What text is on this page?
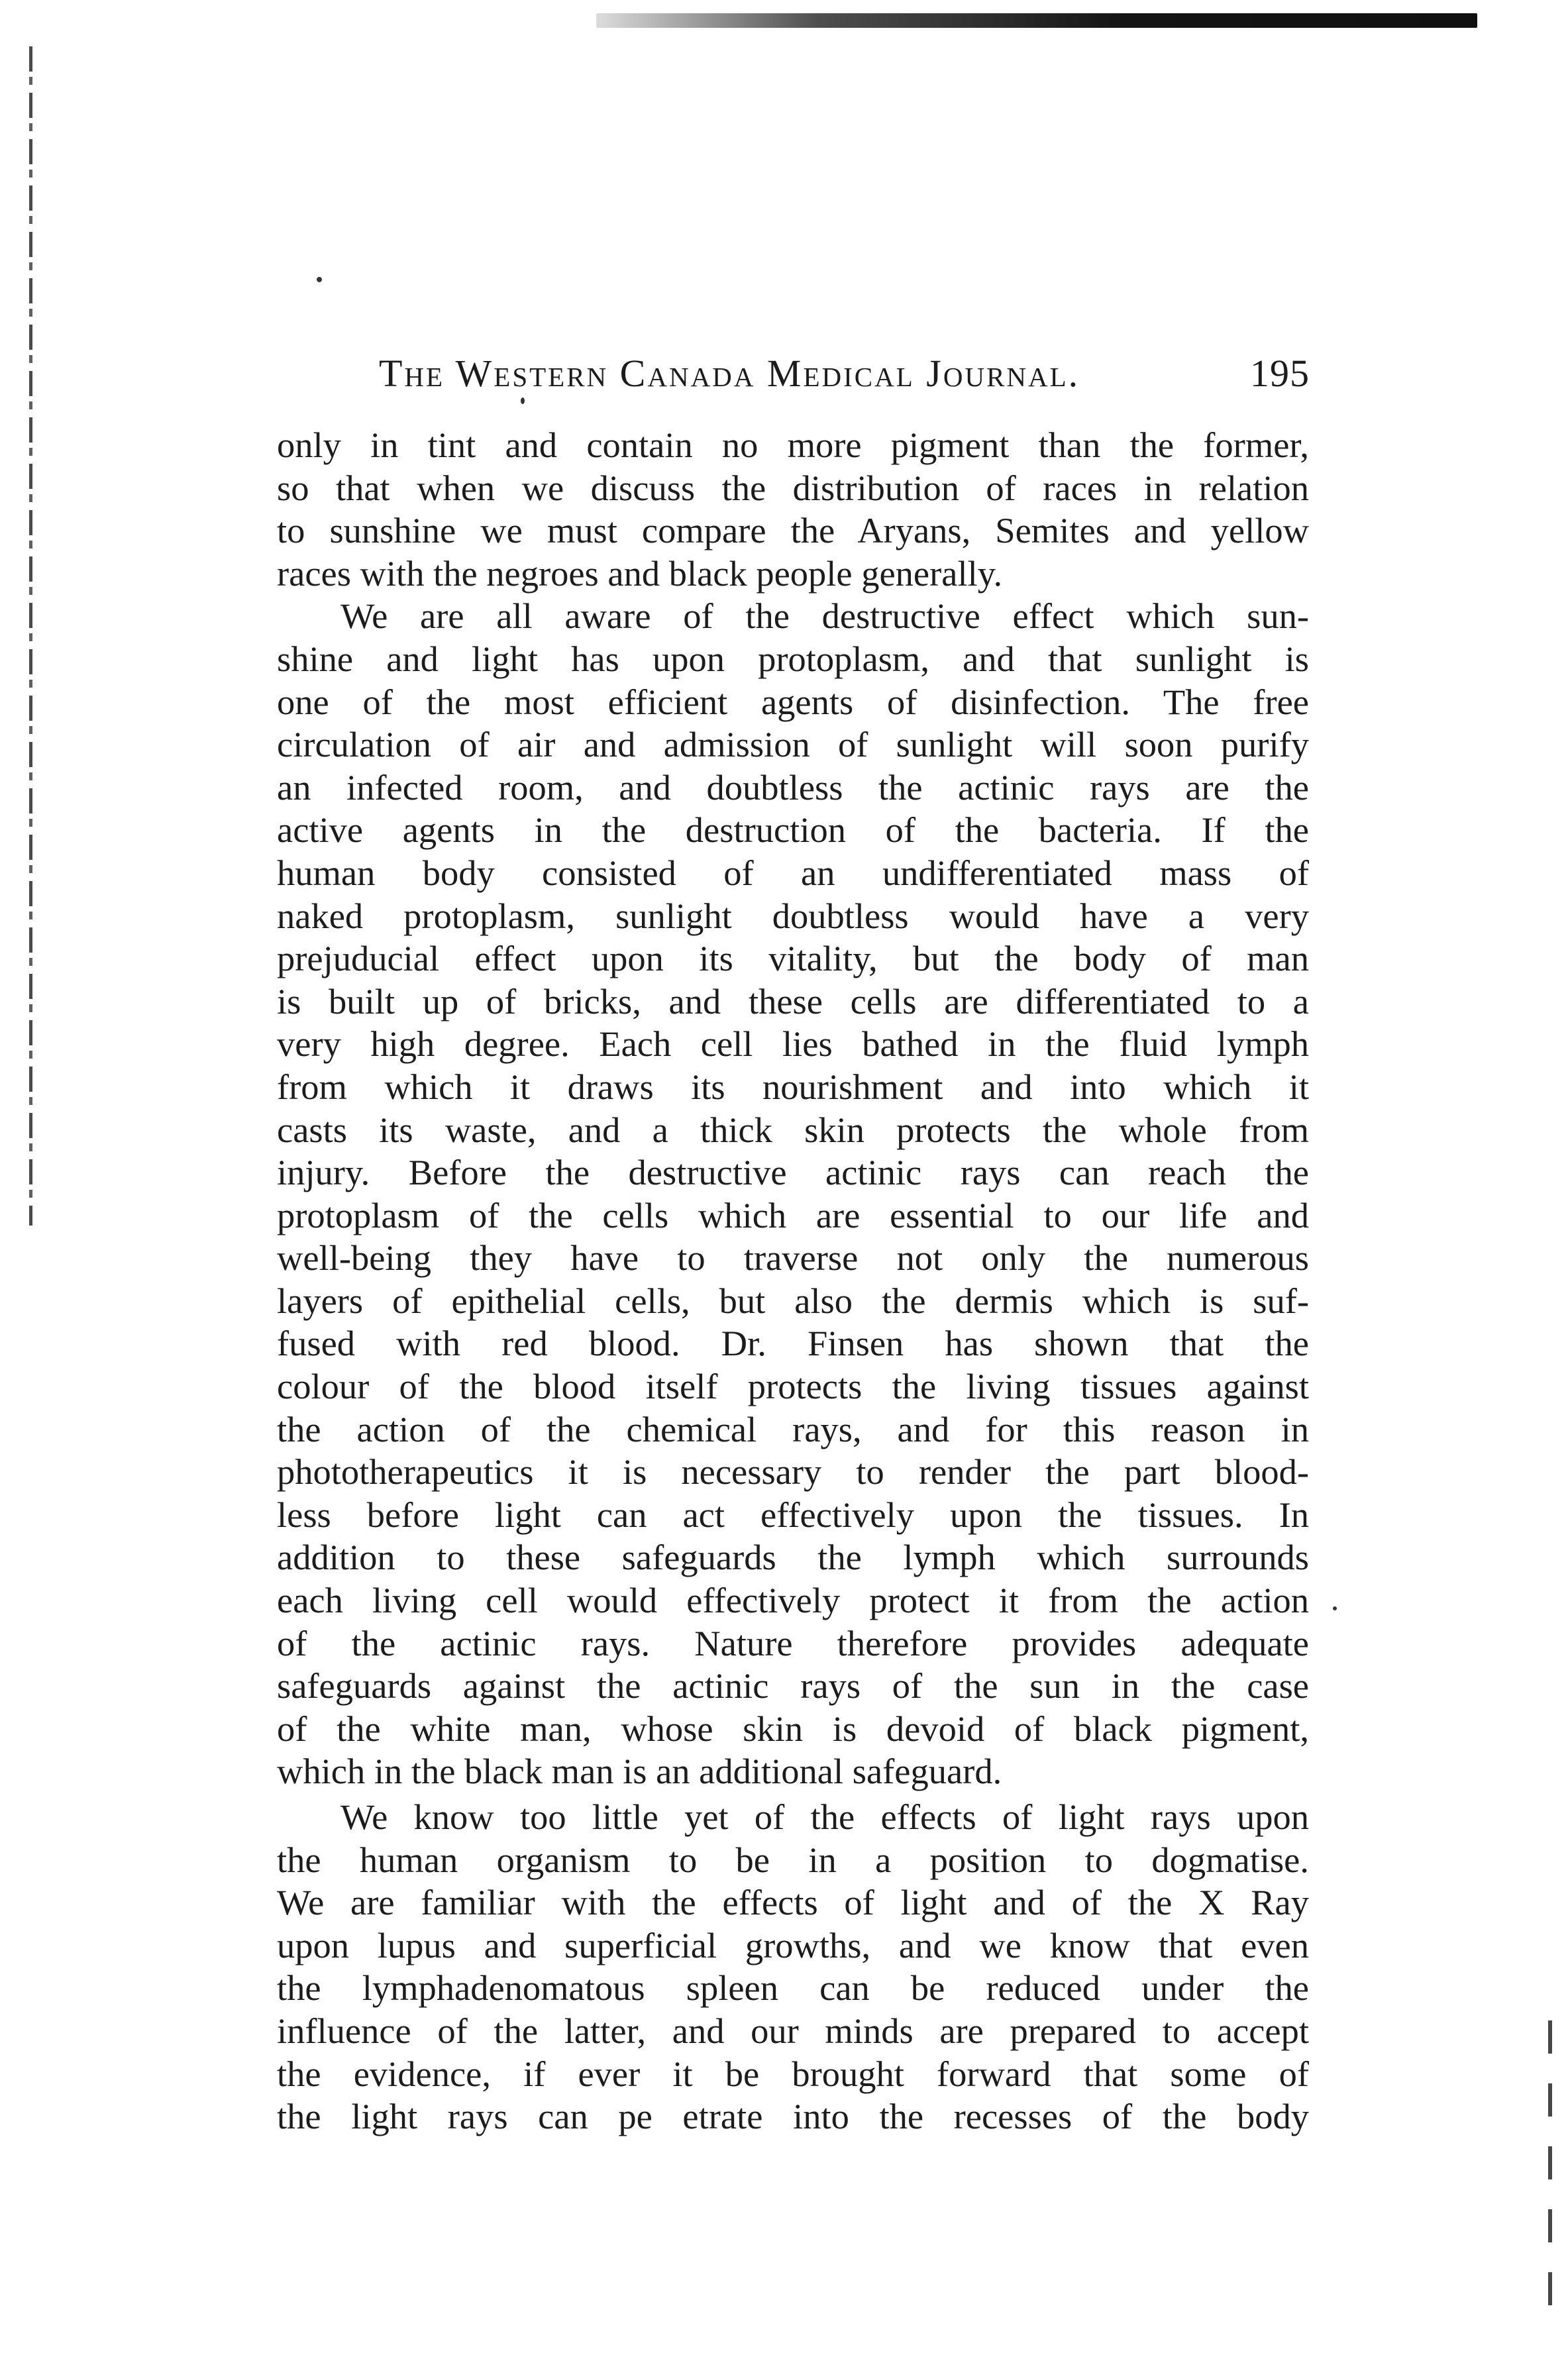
The Western Canada Medical Journal.	195
only in tint and contain no more pigment than the former,
so that when we discuss the distribution of races in relation
to sunshine we must compare the Aryans, Semites and yellow
races with the negroes and black people generally.
We are all aware of the destructive effect which sun-
shine and light has upon protoplasm, and that sunlight is
one of the most efficient agents of disinfection. The free
circulation of air and admission of sunlight will soon purify
an infected room, and doubtless the actinic rays are the
active agents in the destruction of the bacteria. If the
human body consisted of an undifferentiated mass of
naked protoplasm, sunlight doubtless would have a very
prejuducial effect upon its vitality, but the body of man
is built up of bricks, and these cells are differentiated to a
very high degree. Each cell lies bathed in the fluid lymph
from which it draws its nourishment and into which it
casts its waste, and a thick skin protects the whole from
injury. Before the destructive actinic rays can reach the
protoplasm of the cells which are essential to our life and
well-being they have to traverse not only the numerous
layers of epithelial cells, but also the dermis which is suf-
fused with red blood. Dr. Finsen has shown that the
colour of the blood itself protects the living tissues against
the action of the chemical rays, and for this reason in
phototherapeutics it is necessary to render the part blood-
less before light can act effectively upon the tissues. In
addition to these safeguards the lymph which surrounds
each living cell would effectively protect it from the action
of the actinic rays. Nature therefore provides adequate
safeguards against the actinic rays of the sun in the case
of the white man, whose skin is devoid of black pigment,
which in the black man is an additional safeguard.
We know too little yet of the effects of light rays upon
the human organism to be in a position to dogmatise.
We are familiar with the effects of light and of the X Ray
upon lupus and superficial growths, and we know that even
the lymphadenomatous spleen can be reduced under the
influence of the latter, and our minds are prepared to accept
the evidence, if ever it be brought forward that some of
the light rays can pe etrate into the recesses of the body
